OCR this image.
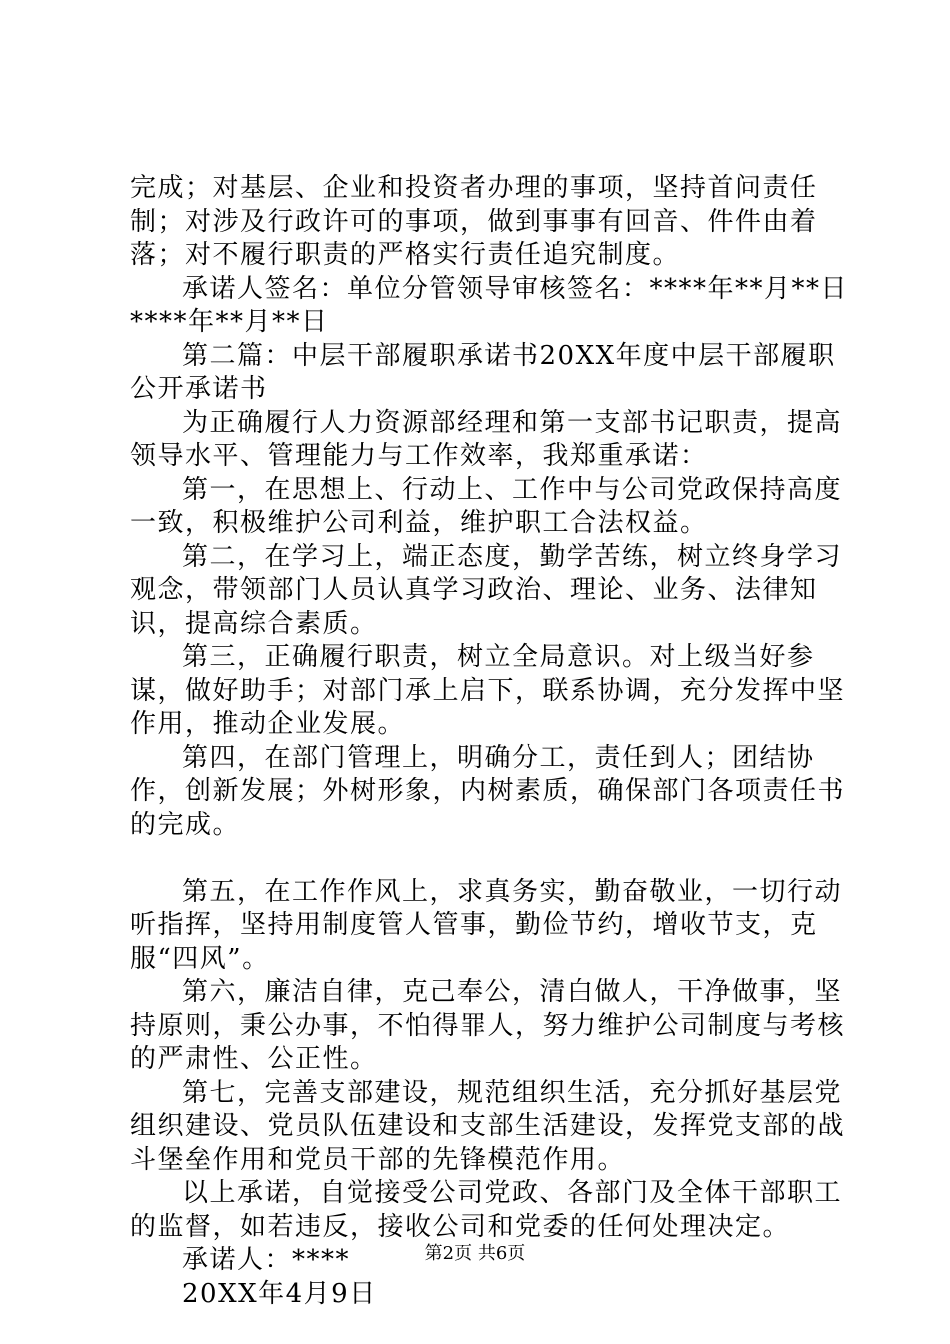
完成；对基层、企业和投资者办理的事项，坚持首问责任制；对涉及行政许可的事项，做到事事有回音、件件由着落；对不履行职责的严格实行责任追究制度。

承诺人签名：单位分管领导审核签名：****年**月**日****年**月**日

第二篇：中层干部履职承诺书20XX年度中层干部履职公开承诺书

为正确履行人力资源部经理和第一支部书记职责，提高领导水平、管理能力与工作效率，我郑重承诺：

第一，在思想上、行动上、工作中与公司党政保持高度一致，积极维护公司利益，维护职工合法权益。

第二，在学习上，端正态度，勤学苦练，树立终身学习观念，带领部门人员认真学习政治、理论、业务、法律知识，提高综合素质。

第三，正确履行职责，树立全局意识。对上级当好参谋，做好助手；对部门承上启下，联系协调，充分发挥中坚作用，推动企业发展。

第四，在部门管理上，明确分工，责任到人；团结协作，创新发展；外树形象，内树素质，确保部门各项责任书的完成。

第五，在工作作风上，求真务实，勤奋敬业，一切行动听指挥，坚持用制度管人管事，勤俭节约，增收节支，克服“四风”。

第六，廉洁自律，克己奉公，清白做人，干净做事，坚持原则，秉公办事，不怕得罪人，努力维护公司制度与考核的严肃性、公正性。

第七，完善支部建设，规范组织生活，充分抓好基层党组织建设、党员队伍建设和支部生活建设，发挥党支部的战斗堡垒作用和党员干部的先锋模范作用。

以上承诺，自觉接受公司党政、各部门及全体干部职工的监督，如若违反，接收公司和党委的任何处理决定。

承诺人：****

20XX年4月9日

第2页 共6页
